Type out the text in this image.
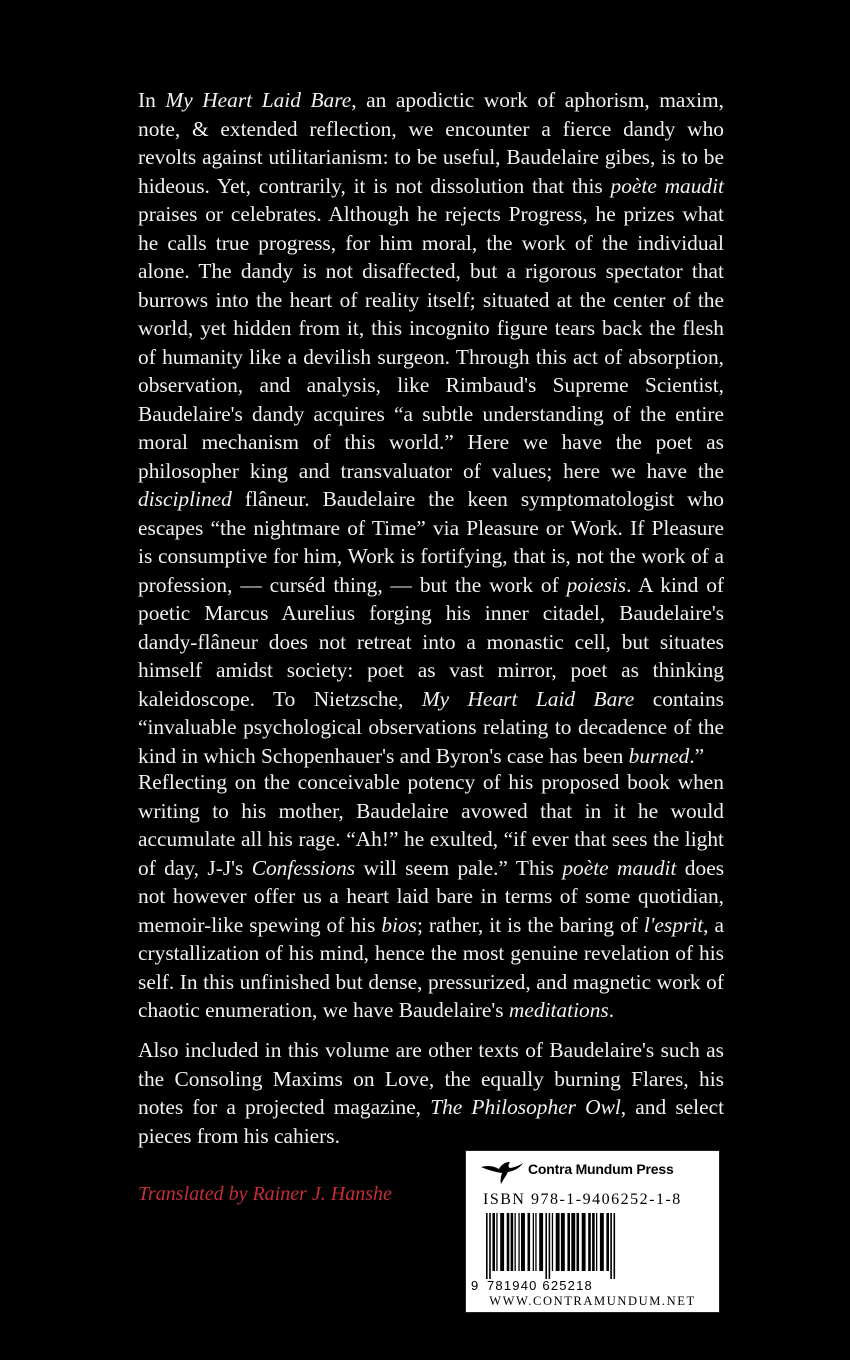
In My Heart Laid Bare, an apodictic work of aphorism, maxim, note, & extended reflection, we encounter a fierce dandy who revolts against utilitarianism: to be useful, Baudelaire gibes, is to be hideous. Yet, contrarily, it is not dissolution that this poète maudit praises or celebrates. Although he rejects Progress, he prizes what he calls true progress, for him moral, the work of the individual alone. The dandy is not disaffected, but a rigorous spectator that burrows into the heart of reality itself; situated at the center of the world, yet hidden from it, this incognito figure tears back the flesh of humanity like a devilish surgeon. Through this act of absorption, observation, and analysis, like Rimbaud's Supreme Scientist, Baudelaire's dandy acquires “a subtle understanding of the entire moral mechanism of this world.” Here we have the poet as philosopher king and transvaluator of values; here we have the disciplined flâneur. Baudelaire the keen symptomatologist who escapes “the nightmare of Time” via Pleasure or Work. If Pleasure is consumptive for him, Work is fortifying, that is, not the work of a profession, — curséd thing, — but the work of poiesis. A kind of poetic Marcus Aurelius forging his inner citadel, Baudelaire's dandy-flâneur does not retreat into a monastic cell, but situates himself amidst society: poet as vast mirror, poet as thinking kaleidoscope. To Nietzsche, My Heart Laid Bare contains “invaluable psychological observations relating to decadence of the kind in which Schopenhauer's and Byron's case has been burned.”
Reflecting on the conceivable potency of his proposed book when writing to his mother, Baudelaire avowed that in it he would accumulate all his rage. “Ah!” he exulted, “if ever that sees the light of day, J-J's Confessions will seem pale.” This poète maudit does not however offer us a heart laid bare in terms of some quotidian, memoir-like spewing of his bios; rather, it is the baring of l'esprit, a crystallization of his mind, hence the most genuine revelation of his self. In this unfinished but dense, pressurized, and magnetic work of chaotic enumeration, we have Baudelaire's meditations.
Also included in this volume are other texts of Baudelaire's such as the Consoling Maxims on Love, the equally burning Flares, his notes for a projected magazine, The Philosopher Owl, and select pieces from his cahiers.
Translated by Rainer J. Hanshe
Contra Mundum Press
ISBN 978-1-9406252-1-8
9 781940 625218
WWW.CONTRAMUNDUM.NET
